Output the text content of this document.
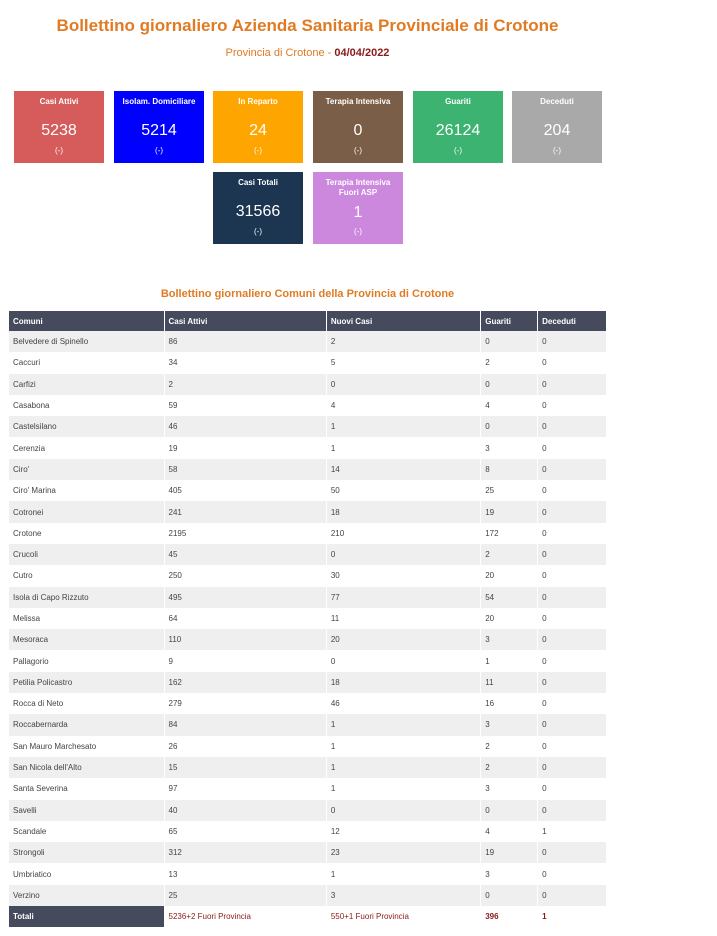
Bollettino giornaliero Azienda Sanitaria Provinciale di Crotone
Provincia di Crotone - 04/04/2022
Casi Attivi
5238
(-)
Isolam. Domiciliare
5214
(-)
In Reparto
24
(-)
Terapia Intensiva
0
(-)
Guariti
26124
(-)
Deceduti
204
(-)
Casi Totali
31566
(-)
Terapia Intensiva Fuori ASP
1
(-)
Bollettino giornaliero Comuni della Provincia di Crotone
Comuni	Casi Attivi	Nuovi Casi	Guariti	Deceduti
Belvedere di Spinello	86	2	0	0
Caccuri	34	5	2	0
Carfizi	2	0	0	0
Casabona	59	4	4	0
Castelsilano	46	1	0	0
Cerenzia	19	1	3	0
Ciro'	58	14	8	0
Ciro' Marina	405	50	25	0
Cotronei	241	18	19	0
Crotone	2195	210	172	0
Crucoli	45	0	2	0
Cutro	250	30	20	0
Isola di Capo Rizzuto	495	77	54	0
Melissa	64	11	20	0
Mesoraca	110	20	3	0
Pallagorio	9	0	1	0
Petilia Policastro	162	18	11	0
Rocca di Neto	279	46	16	0
Roccabernarda	84	1	3	0
San Mauro Marchesato	26	1	2	0
San Nicola dell'Alto	15	1	2	0
Santa Severina	97	1	3	0
Savelli	40	0	0	0
Scandale	65	12	4	1
Strongoli	312	23	19	0
Umbriatico	13	1	3	0
Verzino	25	3	0	0
Totali	5236+2 Fuori Provincia	550+1 Fuori Provincia	396	1
